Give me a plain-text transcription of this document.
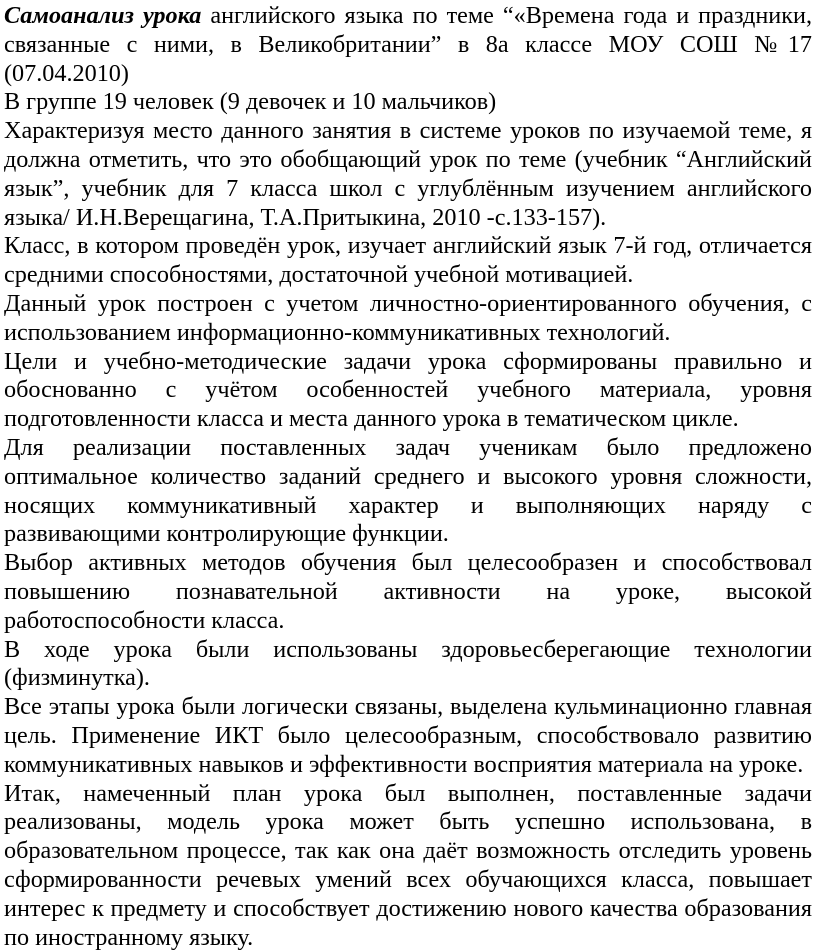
Самоанализ урока английского языка по теме “«Времена года и праздники, связанные с ними, в Великобритании” в 8а классе МОУ СОШ №17 (07.04.2010)

В группе 19 человек (9 девочек и 10 мальчиков)

Характеризуя место данного занятия в системе уроков по изучаемой теме, я должна отметить, что это обобщающий урок по теме (учебник “Английский язык”, учебник для 7 класса школ с углублённым изучением английского языка/ И.Н.Верещагина, Т.А.Притыкина, 2010 -с.133-157).

Класс, в котором проведён урок, изучает английский язык 7-й год, отличается средними способностями, достаточной учебной мотивацией.

Данный урок построен с учетом личностно-ориентированного обучения, с использованием информационно-коммуникативных технологий.

Цели и учебно-методические задачи урока сформированы правильно и обоснованно с учётом особенностей учебного материала, уровня подготовленности класса и места данного урока в тематическом цикле.

Для реализации поставленных задач ученикам было предложено оптимальное количество заданий среднего и высокого уровня сложности, носящих коммуникативный характер и выполняющих наряду с развивающими контролирующие функции.

Выбор активных методов обучения был целесообразен и способствовал повышению познавательной активности на уроке, высокой работоспособности класса.

В ходе урока были использованы здоровьесберегающие технологии (физминутка).

Все этапы урока были логически связаны, выделена кульминационно главная цель. Применение ИКТ было целесообразным, способствовало развитию коммуникативных навыков и эффективности восприятия материала на уроке.

Итак, намеченный план урока был выполнен, поставленные задачи реализованы, модель урока может быть успешно использована, в образовательном процессе, так как она даёт возможность отследить уровень сформированности речевых умений всех обучающихся класса, повышает интерес к предмету и способствует достижению нового качества образования по иностранному языку.
